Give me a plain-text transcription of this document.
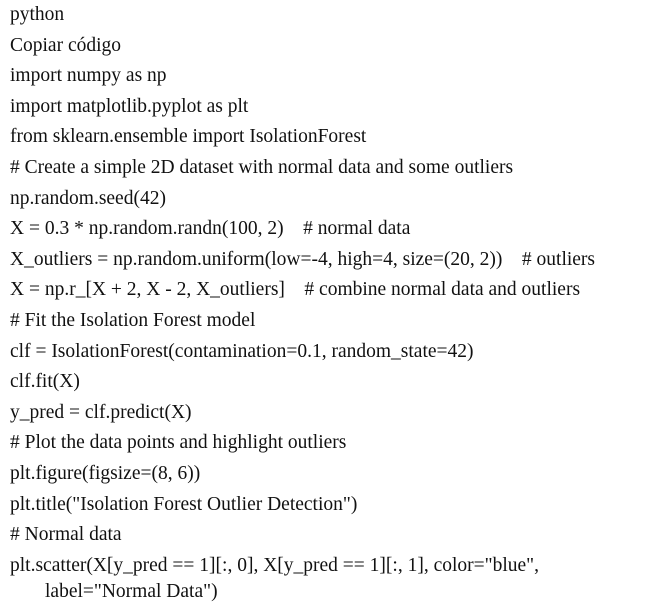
python
Copiar código
import numpy as np
import matplotlib.pyplot as plt
from sklearn.ensemble import IsolationForest
# Create a simple 2D dataset with normal data and some outliers
np.random.seed(42)
X = 0.3 * np.random.randn(100, 2)    # normal data
X_outliers = np.random.uniform(low=-4, high=4, size=(20, 2))    # outliers
X = np.r_[X + 2, X - 2, X_outliers]    # combine normal data and outliers
# Fit the Isolation Forest model
clf = IsolationForest(contamination=0.1, random_state=42)
clf.fit(X)
y_pred = clf.predict(X)
# Plot the data points and highlight outliers
plt.figure(figsize=(8, 6))
plt.title("Isolation Forest Outlier Detection")
# Normal data
plt.scatter(X[y_pred == 1][:, 0], X[y_pred == 1][:, 1], color="blue",
label="Normal Data")
